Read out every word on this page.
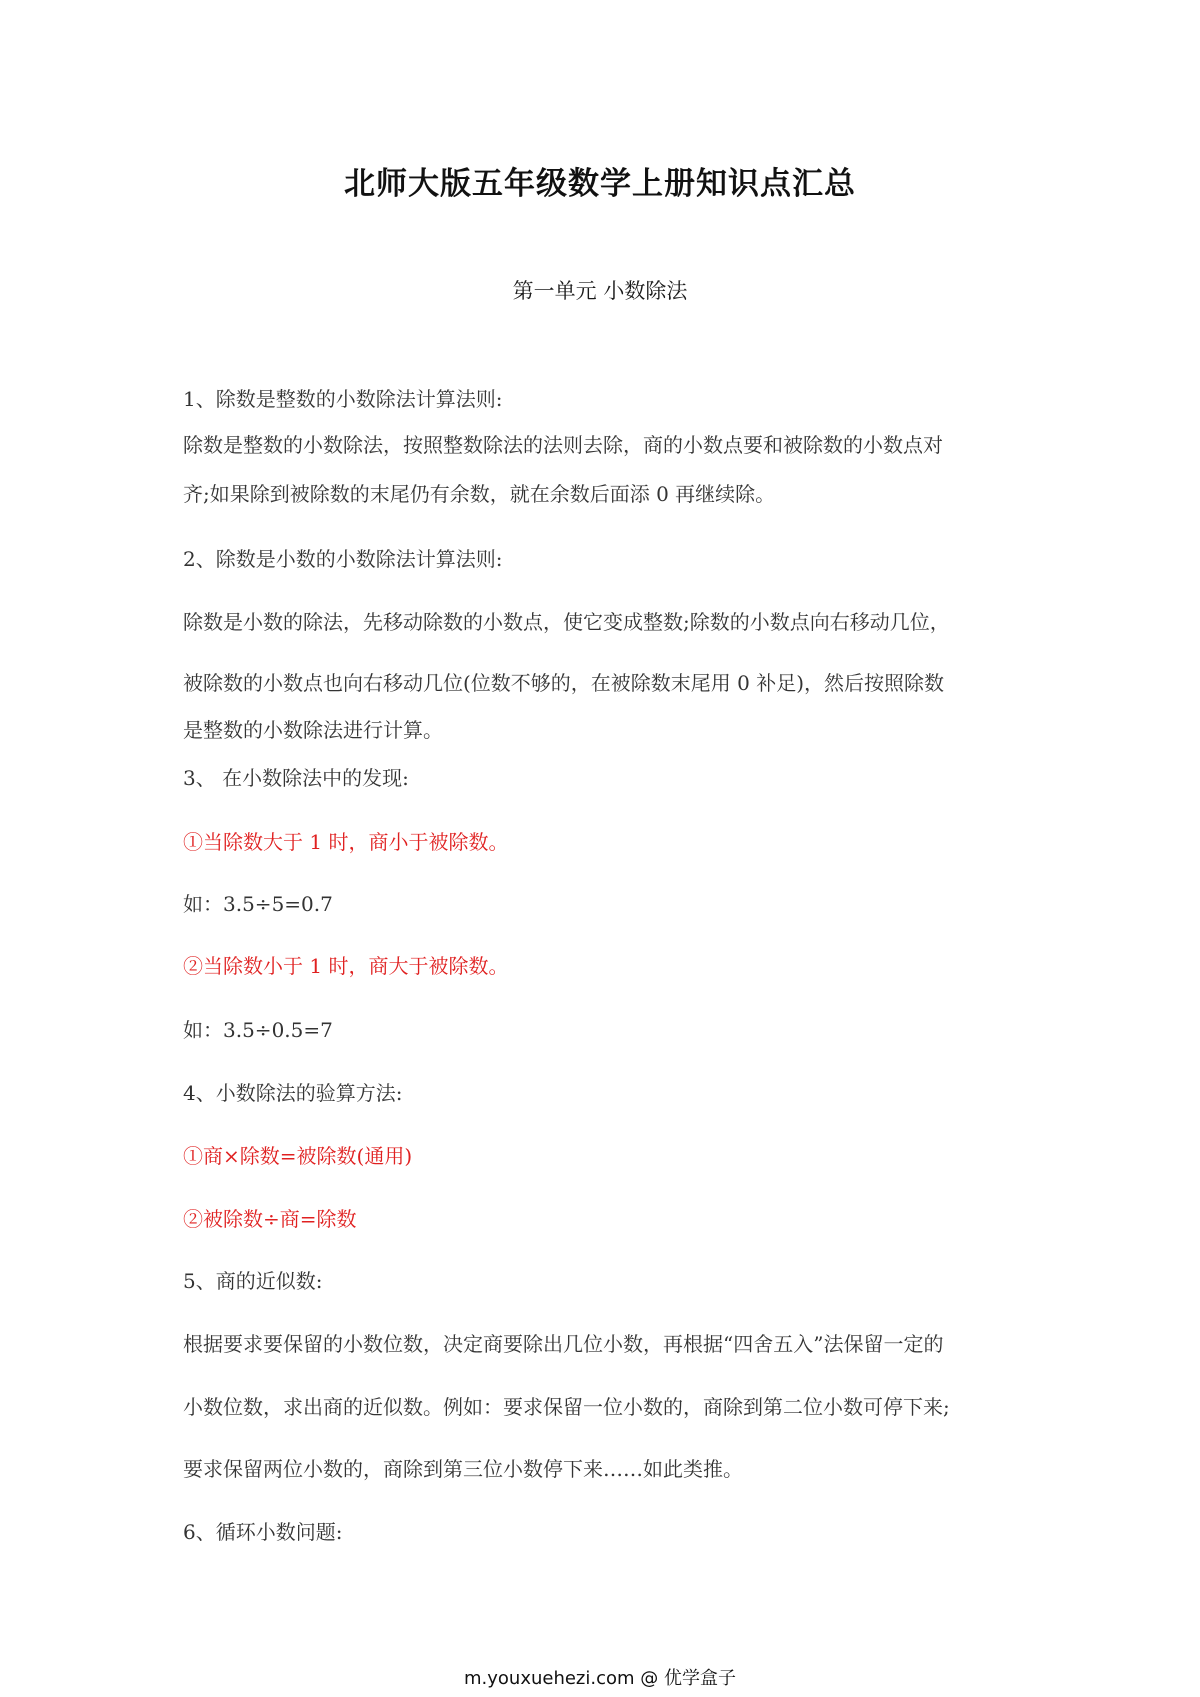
北师大版五年级数学上册知识点汇总
第一单元 小数除法
1、除数是整数的小数除法计算法则:
除数是整数的小数除法，按照整数除法的法则去除，商的小数点要和被除数的小数点对
齐;如果除到被除数的末尾仍有余数，就在余数后面添 0 再继续除。
2、除数是小数的小数除法计算法则:
除数是小数的除法，先移动除数的小数点，使它变成整数;除数的小数点向右移动几位，
被除数的小数点也向右移动几位(位数不够的，在被除数末尾用 0 补足)，然后按照除数
是整数的小数除法进行计算。
3、 在小数除法中的发现:
①当除数大于 1 时，商小于被除数。
如：3.5÷5=0.7
②当除数小于 1 时，商大于被除数。
如：3.5÷0.5=7
4、小数除法的验算方法:
①商×除数=被除数(通用)
②被除数÷商=除数
5、商的近似数:
根据要求要保留的小数位数，决定商要除出几位小数，再根据“四舍五入”法保留一定的
小数位数，求出商的近似数。例如：要求保留一位小数的，商除到第二位小数可停下来;
要求保留两位小数的，商除到第三位小数停下来……如此类推。
6、循环小数问题:
m.youxuehezi.com @ 优学盒子
